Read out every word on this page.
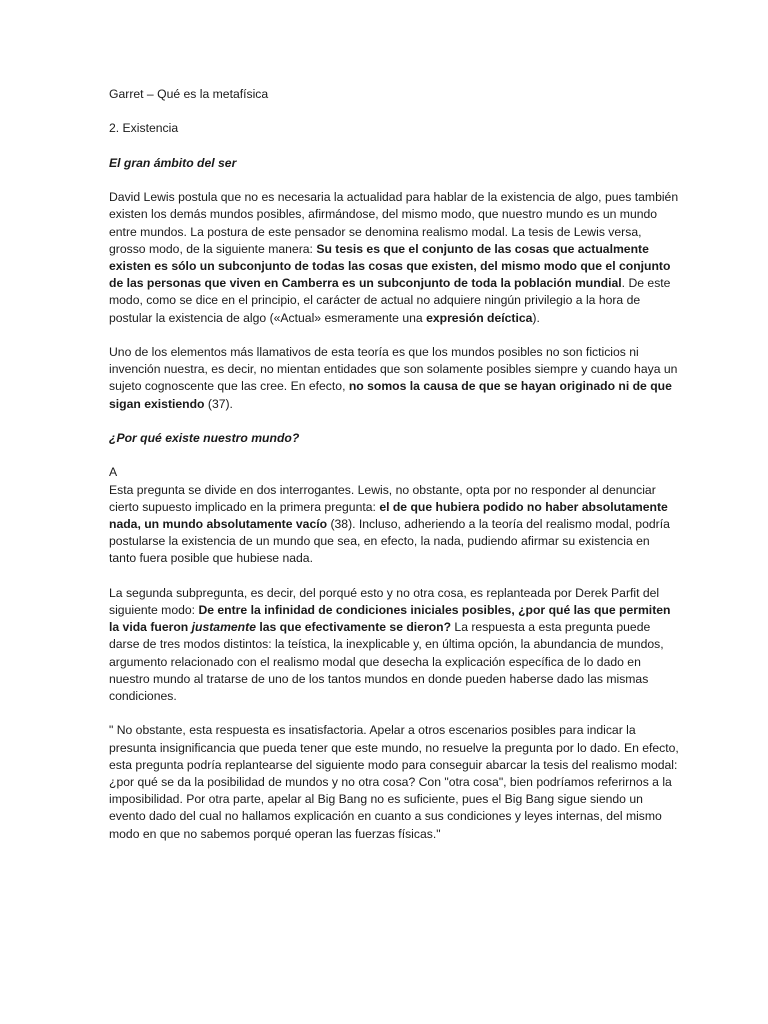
Garret – Qué es la metafísica

2. Existencia

El gran ámbito del ser

David Lewis postula que no es necesaria la actualidad para hablar de la existencia de algo, pues también existen los demás mundos posibles, afirmándose, del mismo modo, que nuestro mundo es un mundo entre mundos. La postura de este pensador se denomina realismo modal. La tesis de Lewis versa, grosso modo, de la siguiente manera: Su tesis es que el conjunto de las cosas que actualmente existen es sólo un subconjunto de todas las cosas que existen, del mismo modo que el conjunto de las personas que viven en Camberra es un subconjunto de toda la población mundial. De este modo, como se dice en el principio, el carácter de actual no adquiere ningún privilegio a la hora de postular la existencia de algo («Actual» esmeramente una expresión deíctica).

Uno de los elementos más llamativos de esta teoría es que los mundos posibles no son ficticios ni invención nuestra, es decir, no mientan entidades que son solamente posibles siempre y cuando haya un sujeto cognoscente que las cree. En efecto, no somos la causa de que se hayan originado ni de que sigan existiendo (37).

¿Por qué existe nuestro mundo?

A
Esta pregunta se divide en dos interrogantes. Lewis, no obstante, opta por no responder al denunciar cierto supuesto implicado en la primera pregunta: el de que hubiera podido no haber absolutamente nada, un mundo absolutamente vacío (38). Incluso, adheriendo a la teoría del realismo modal, podría postularse la existencia de un mundo que sea, en efecto, la nada, pudiendo afirmar su existencia en tanto fuera posible que hubiese nada.

La segunda subpregunta, es decir, del porqué esto y no otra cosa, es replanteada por Derek Parfit del siguiente modo: De entre la infinidad de condiciones iniciales posibles, ¿por qué las que permiten la vida fueron justamente las que efectivamente se dieron? La respuesta a esta pregunta puede darse de tres modos distintos: la teística, la inexplicable y, en última opción, la abundancia de mundos, argumento relacionado con el realismo modal que desecha la explicación específica de lo dado en nuestro mundo al tratarse de uno de los tantos mundos en donde pueden haberse dado las mismas condiciones.

" No obstante, esta respuesta es insatisfactoria. Apelar a otros escenarios posibles para indicar la presunta insignificancia que pueda tener que este mundo, no resuelve la pregunta por lo dado. En efecto, esta pregunta podría replantearse del siguiente modo para conseguir abarcar la tesis del realismo modal: ¿por qué se da la posibilidad de mundos y no otra cosa? Con "otra cosa", bien podríamos referirnos a la imposibilidad. Por otra parte, apelar al Big Bang no es suficiente, pues el Big Bang sigue siendo un evento dado del cual no hallamos explicación en cuanto a sus condiciones y leyes internas, del mismo modo en que no sabemos porqué operan las fuerzas físicas."
